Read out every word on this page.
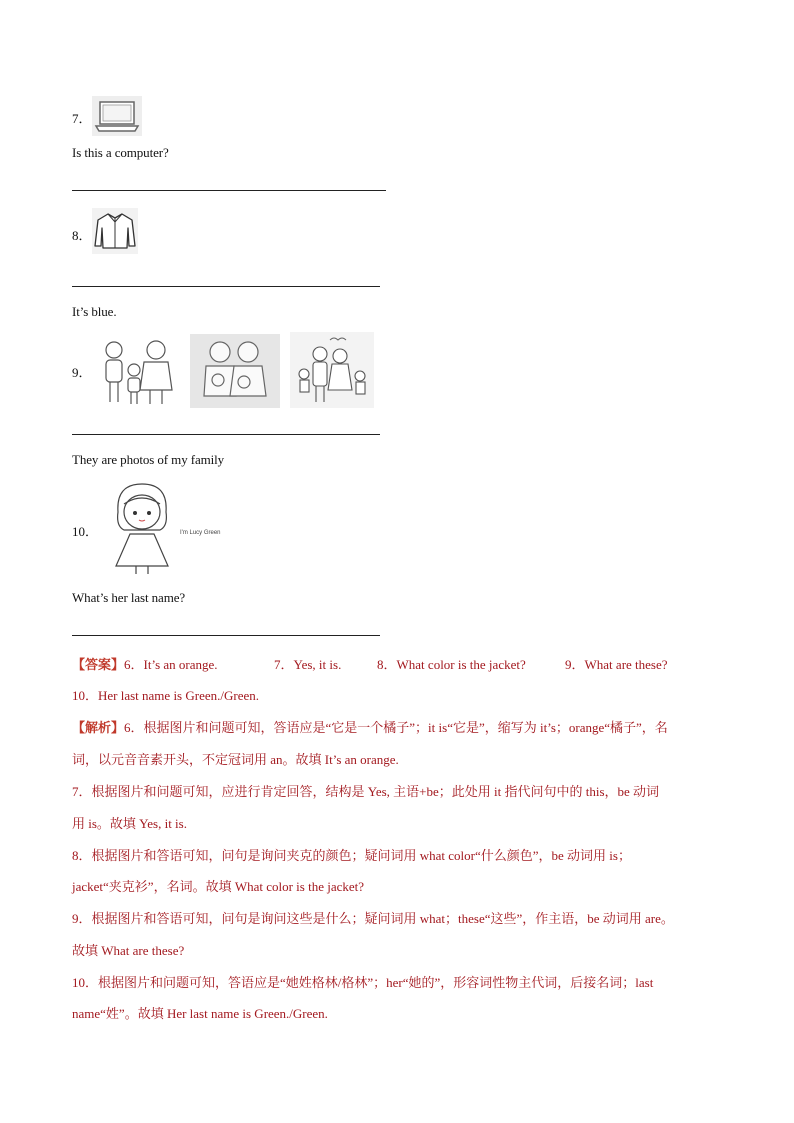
7．
Is this a computer?
8．
It’s blue.
9．
They are photos of my family
10．	I'm Lucy Green
What’s her last name?
【答案】6．It’s an orange.	7．Yes, it is.	8．What color is the jacket?	9．What are these?
10．Her last name is Green./Green.
【解析】6．根据图片和问题可知，答语应是“它是一个橘子”；it is“它是”，缩写为 it’s；orange“橘子”，名
词，以元音音素开头，不定冠词用 an。故填 It’s an orange.
7．根据图片和问题可知，应进行肯定回答，结构是 Yes, 主语+be；此处用 it 指代问句中的 this，be 动词
用 is。故填 Yes, it is.
8．根据图片和答语可知，问句是询问夹克的颜色；疑问词用 what color“什么颜色”，be 动词用 is；
jacket“夹克衫”，名词。故填 What color is the jacket?
9．根据图片和答语可知，问句是询问这些是什么；疑问词用 what；these“这些”，作主语，be 动词用 are。
故填 What are these?
10．根据图片和问题可知，答语应是“她姓格林/格林”；her“她的”，形容词性物主代词，后接名词；last
name“姓”。故填 Her last name is Green./Green.
